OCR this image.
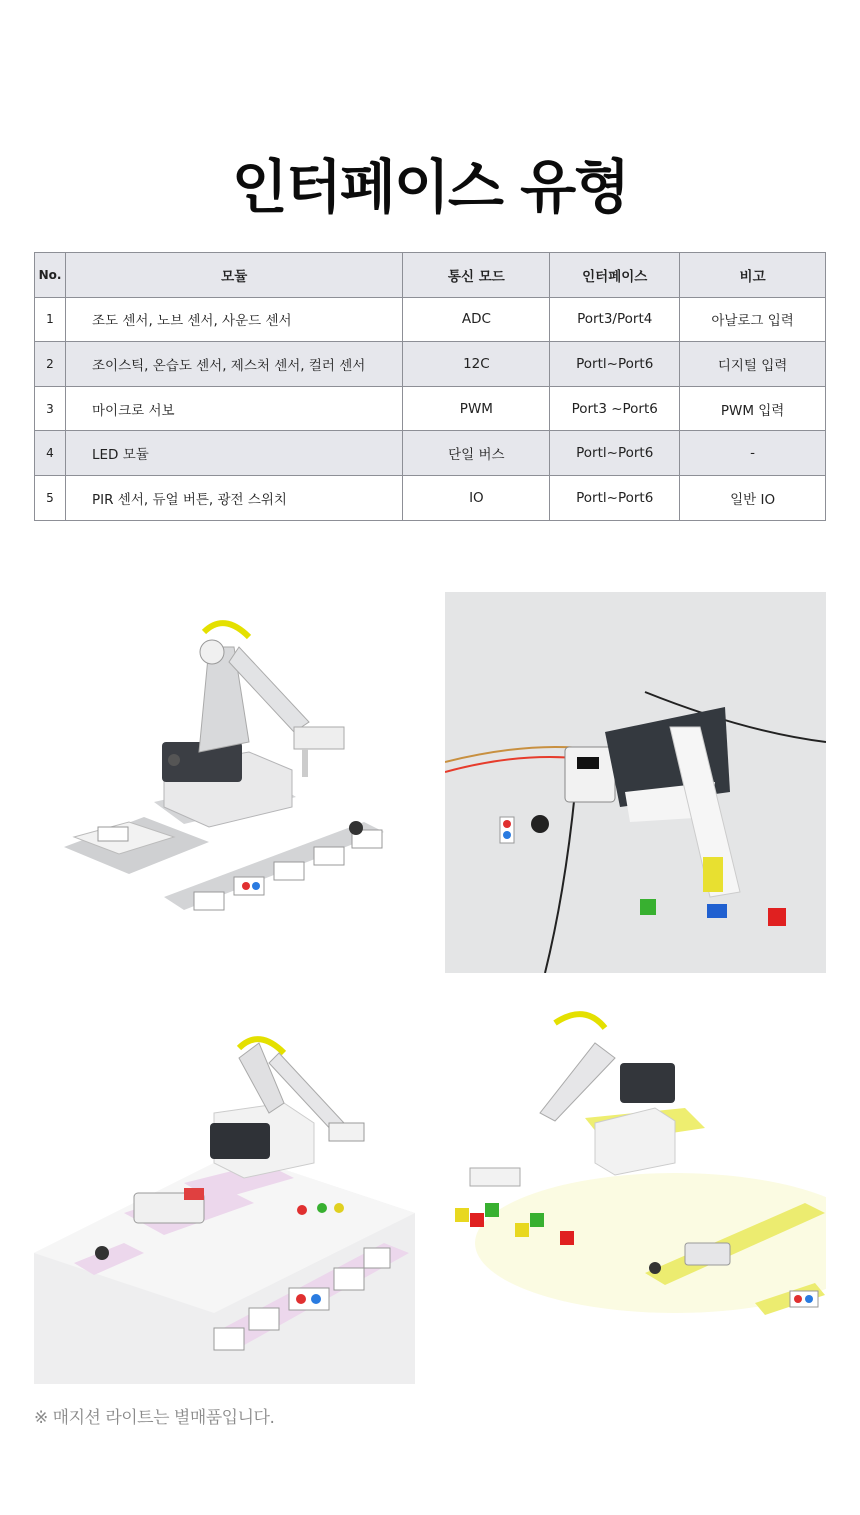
인터페이스 유형
No.	모듈	통신 모드	인터페이스	비고
1	조도 센서, 노브 센서, 사운드 센서	ADC	Port3/Port4	아날로그 입력
2	조이스틱, 온습도 센서, 제스처 센서, 컬러 센서	12C	Portl~Port6	디지털 입력
3	마이크로 서보	PWM	Port3 ~Port6	PWM 입력
4	LED 모듈	단일 버스	Portl~Port6	-
5	PIR 센서, 듀얼 버튼, 광전 스위치	IO	Portl~Port6	일반 IO
※ 매지션 라이트는 별매품입니다.
